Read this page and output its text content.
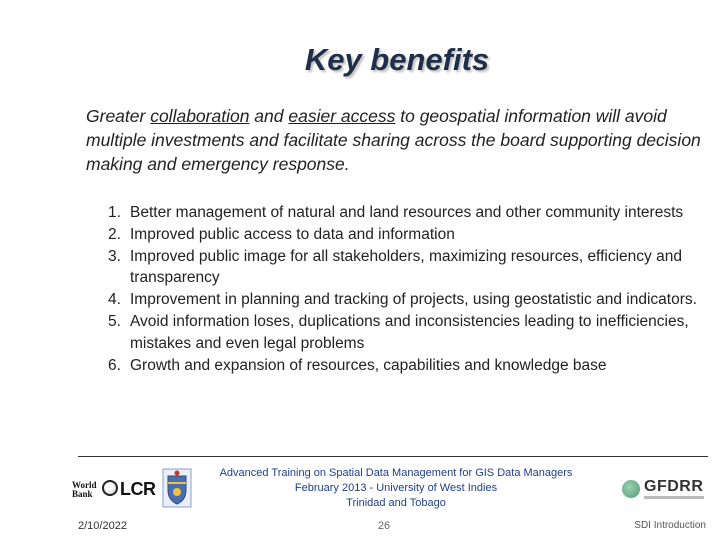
Key benefits
Greater collaboration and easier access to geospatial information will avoid multiple investments and facilitate sharing across the board supporting decision making and emergency response.
1. Better management of natural and land resources and other community interests
2. Improved public access to data and information
3. Improved public image for all stakeholders, maximizing resources, efficiency and transparency
4. Improvement in planning and tracking of projects, using geostatistic and indicators.
5. Avoid information loses, duplications and inconsistencies leading to inefficiencies, mistakes and even legal problems
6. Growth and expansion of resources, capabilities and knowledge base
World
Bank LCR
Advanced Training on Spatial Data Management for GIS Data Managers
February 2013 - University of West Indies
Trinidad and Tobago
GFDRR
2/10/2022	26	SDI Introduction
